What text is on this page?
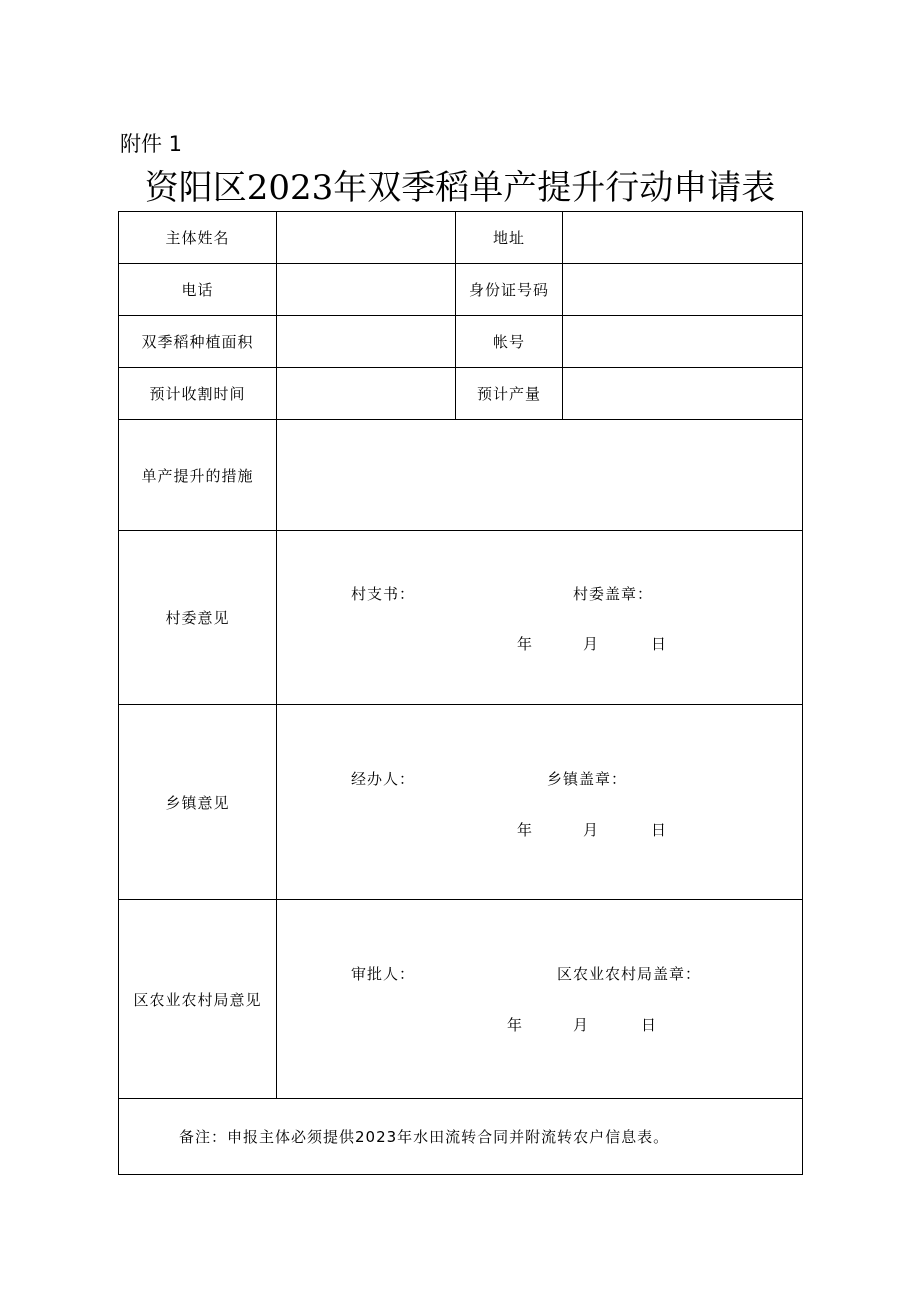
附件 1
资阳区2023年双季稻单产提升行动申请表
主体姓名		地址	
电话		身份证号码	
双季稻种植面积		帐号	
预计收割时间		预计产量	
单产提升的措施			
村委意见	村支书： 村委盖章：
年 月 日		

乡镇意见	经办人： 乡镇盖章：
年 月 日		

区农业农村局意见	审批人： 区农业农村局盖章：
年 月 日		

备注：申报主体必须提供2023年水田流转合同并附流转农户信息表。			
